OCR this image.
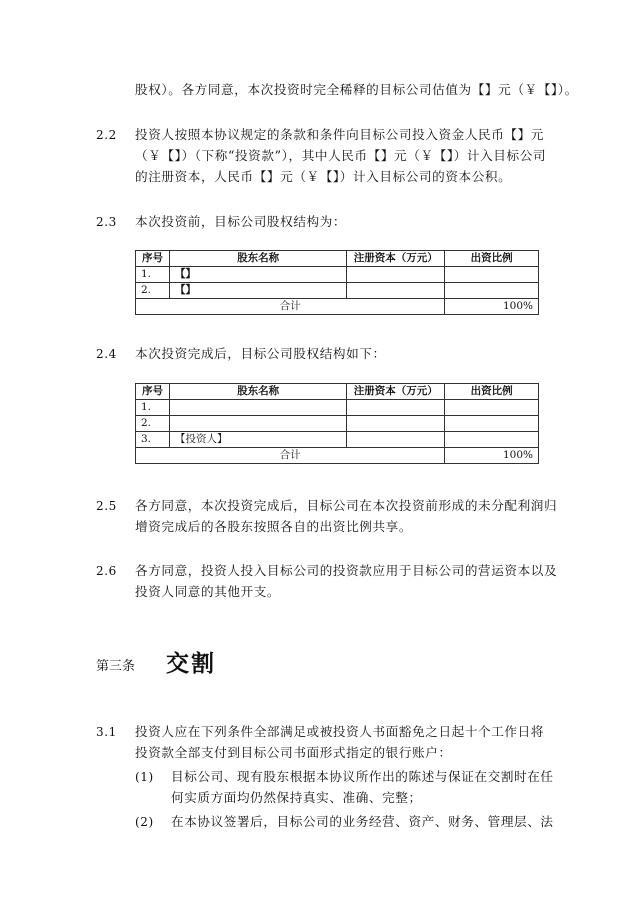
股权）。各方同意，本次投资时完全稀释的目标公司估值为【】元（￥【】）。
2.2 投资人按照本协议规定的条款和条件向目标公司投入资金人民币【】元
（￥【】）（下称“投资款”），其中人民币【】元（￥【】）计入目标公司
的注册资本，人民币【】元（￥【】）计入目标公司的资本公积。
2.3 本次投资前，目标公司股权结构为：
序号	股东名称	注册资本（万元）	出资比例
1.	【】		
2.	【】		
合计			100%
2.4 本次投资完成后，目标公司股权结构如下：
序号	股东名称	注册资本（万元）	出资比例
1.			
2.			
3.	【投资人】		
合计			100%
2.5 各方同意，本次投资完成后，目标公司在本次投资前形成的未分配利润归
增资完成后的各股东按照各自的出资比例共享。
2.6 各方同意，投资人投入目标公司的投资款应用于目标公司的营运资本以及
投资人同意的其他开支。
第三条 交割
3.1 投资人应在下列条件全部满足或被投资人书面豁免之日起十个工作日将
投资款全部支付到目标公司书面形式指定的银行账户：
(1) 目标公司、现有股东根据本协议所作出的陈述与保证在交割时在任
何实质方面均仍然保持真实、准确、完整；
(2) 在本协议签署后，目标公司的业务经营、资产、财务、管理层、法
